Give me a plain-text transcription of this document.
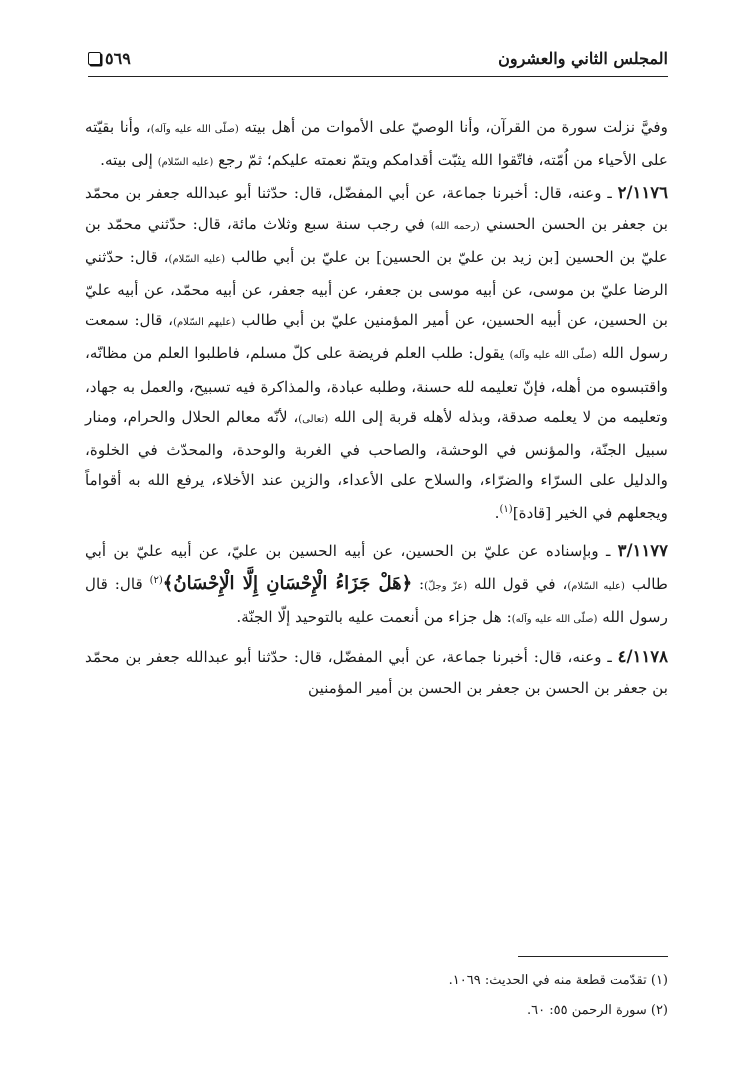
المجلس الثاني والعشرون
٥٦٩

وفيَّ نزلت سورة من القرآن، وأنا الوصيّ على الأموات من أهل بيته (صلّى الله عليه وآله)، وأنا بقيّته على الأحياء من اُمّته، فاتّقوا الله يثبّت أقدامكم ويتمّ نعمته عليكم؛ ثمّ رجع (عليه السّلام) إلى بيته.

٢/١١٧٦ ـ وعنه، قال: أخبرنا جماعة، عن أبي المفضّل، قال: حدّثنا أبو عبدالله جعفر بن محمّد بن جعفر بن الحسن الحسني (رحمه الله) في رجب سنة سبع وثلاث مائة، قال: حدّثني محمّد بن عليّ بن الحسين [بن زيد بن عليّ بن الحسين] بن عليّ بن أبي طالب (عليه السّلام)، قال: حدّثني الرضا عليّ بن موسى، عن أبيه موسى بن جعفر، عن أبيه جعفر، عن أبيه محمّد، عن أبيه عليّ بن الحسين، عن أبيه الحسين، عن أمير المؤمنين عليّ بن أبي طالب (عليهم السّلام)، قال: سمعت رسول الله (صلّى الله عليه وآله) يقول: طلب العلم فريضة على كلّ مسلم، فاطلبوا العلم من مظانّه، واقتبسوه من أهله، فإنّ تعليمه لله حسنة، وطلبه عبادة، والمذاكرة فيه تسبيح، والعمل به جهاد، وتعليمه من لا يعلمه صدقة، وبذله لأهله قربة إلى الله (تعالى)، لأنّه معالم الحلال والحرام، ومنار سبيل الجنّة، والمؤنس في الوحشة، والصاحب في الغربة والوحدة، والمحدّث في الخلوة، والدليل على السرّاء والضرّاء، والسلاح على الأعداء، والزين عند الأخلاء، يرفع الله به أقواماً ويجعلهم في الخير [قادة]$^{(١)}$.

٣/١١٧٧ ـ وبإسناده عن عليّ بن الحسين، عن أبيه الحسين بن عليّ، عن أبيه عليّ بن أبي طالب (عليه السّلام)، في قول الله (عزّ وجلّ): ﴿هَلْ جَزَاءُ الْإِحْسَانِ إِلَّا الْإِحْسَانُ﴾$^{(٢)}$ قال: قال رسول الله (صلّى الله عليه وآله): هل جزاء من أنعمت عليه بالتوحيد إلّا الجنّة.

٤/١١٧٨ ـ وعنه، قال: أخبرنا جماعة، عن أبي المفضّل، قال: حدّثنا أبو عبدالله جعفر بن محمّد بن جعفر بن الحسن بن جعفر بن الحسن بن أمير المؤمنين

(١) تقدّمت قطعة منه في الحديث: ١٠٦٩.

(٢) سورة الرحمن ٥٥: ٦٠.
